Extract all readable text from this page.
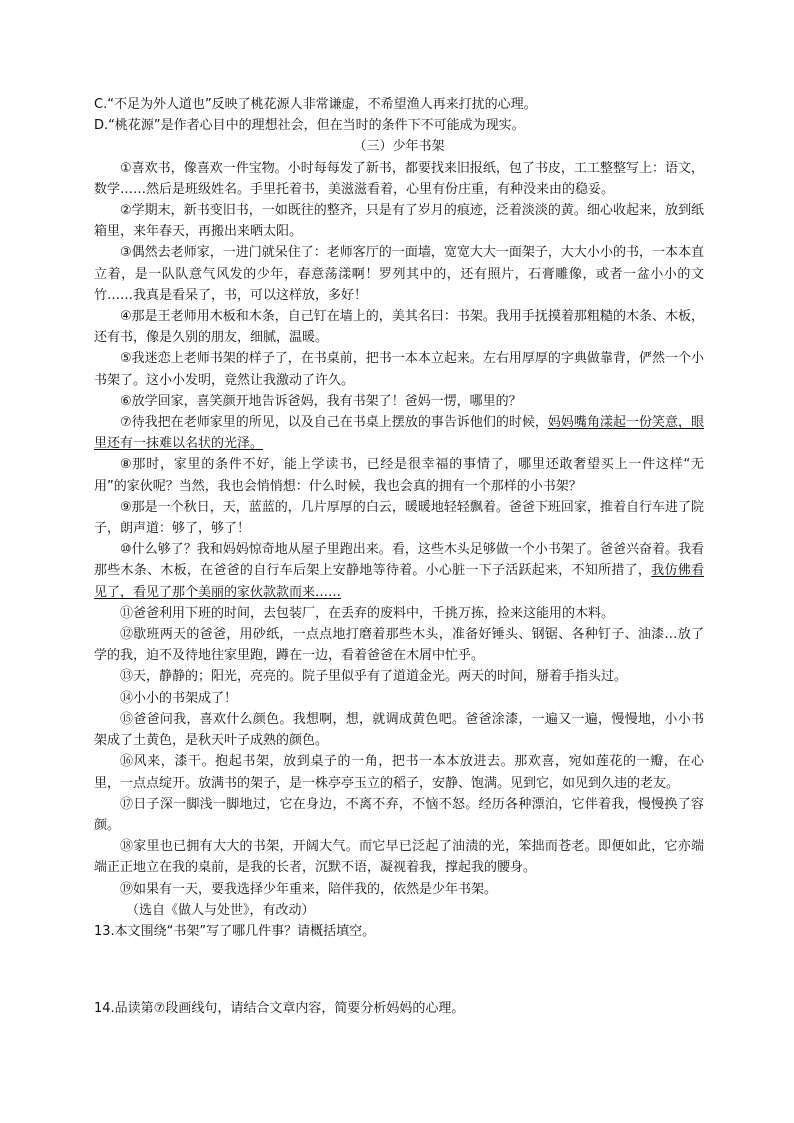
C.“不足为外人道也”反映了桃花源人非常谦虚，不希望渔人再来打扰的心理。
D.“桃花源”是作者心目中的理想社会，但在当时的条件下不可能成为现实。
（三）少年书架
①喜欢书，像喜欢一件宝物。小时每每发了新书，都要找来旧报纸，包了书皮，工工整整写上：语文，数学……然后是班级姓名。手里托着书，美滋滋看着，心里有份庄重，有种没来由的稳妥。
②学期末，新书变旧书，一如既往的整齐，只是有了岁月的痕迹，泛着淡淡的黄。细心收起来，放到纸箱里，来年春天，再搬出来晒太阳。
③偶然去老师家，一进门就呆住了：老师客厅的一面墙，宽宽大大一面架子，大大小小的书，一本本直立着，是一队队意气风发的少年，春意荡漾啊！罗列其中的，还有照片，石膏雕像，或者一盆小小的文竹……我真是看呆了，书，可以这样放，多好！
④那是王老师用木板和木条，自己钉在墙上的，美其名曰：书架。我用手抚摸着那粗糙的木条、木板，还有书，像是久别的朋友，细腻，温暖。
⑤我迷恋上老师书架的样子了，在书桌前，把书一本本立起来。左右用厚厚的字典做靠背，俨然一个小书架了。这小小发明，竟然让我激动了许久。
⑥放学回家，喜笑颜开地告诉爸妈，我有书架了！爸妈一愣，哪里的？
⑦待我把在老师家里的所见，以及自己在书桌上摆放的事告诉他们的时候，妈妈嘴角漾起一份笑意，眼里还有一抹难以名状的光泽。
⑧那时，家里的条件不好，能上学读书，已经是很幸福的事情了，哪里还敢奢望买上一件这样“无用”的家伙呢？当然，我也会悄悄想：什么时候，我也会真的拥有一个那样的小书架？
⑨那是一个秋日，天，蓝蓝的，几片厚厚的白云，暖暖地轻轻飘着。爸爸下班回家，推着自行车进了院子，朗声道：够了，够了！
⑩什么够了？我和妈妈惊奇地从屋子里跑出来。看，这些木头足够做一个小书架了。爸爸兴奋着。我看那些木条、木板，在爸爸的自行车后架上安静地等待着。小心脏一下子活跃起来，不知所措了，我仿佛看见了，看见了那个美丽的家伙款款而来……
⑪爸爸利用下班的时间，去包装厂，在丢弃的废料中，千挑万拣，捡来这能用的木料。
⑫歇班两天的爸爸，用砂纸，一点点地打磨着那些木头，准备好锤头、钢锯、各种钉子、油漆…放了学的我，迫不及待地往家里跑，蹲在一边，看着爸爸在木屑中忙乎。
⑬天，静静的；阳光，亮亮的。院子里似乎有了道道金光。两天的时间，掰着手指头过。
⑭小小的书架成了！
⑮爸爸问我，喜欢什么颜色。我想啊，想，就调成黄色吧。爸爸涂漆，一遍又一遍，慢慢地，小小书架成了土黄色，是秋天叶子成熟的颜色。
⑯风来，漆干。抱起书架，放到桌子的一角，把书一本本放进去。那欢喜，宛如莲花的一瓣，在心里，一点点绽开。放满书的架子，是一株亭亭玉立的稻子，安静、饱满。见到它，如见到久违的老友。
⑰日子深一脚浅一脚地过，它在身边，不离不弃，不恼不怒。经历各种漂泊，它伴着我，慢慢换了容颜。
⑱家里也已拥有大大的书架，开阔大气。而它早已泛起了油渍的光，笨拙而苍老。即便如此，它亦端端正正地立在我的桌前，是我的长者，沉默不语，凝视着我，撑起我的腰身。
⑲如果有一天，要我选择少年重来，陪伴我的，依然是少年书架。
（选自《做人与处世》，有改动）
13.本文围绕“书架”写了哪几件事？请概括填空。
14.品读第⑦段画线句，请结合文章内容，简要分析妈妈的心理。
